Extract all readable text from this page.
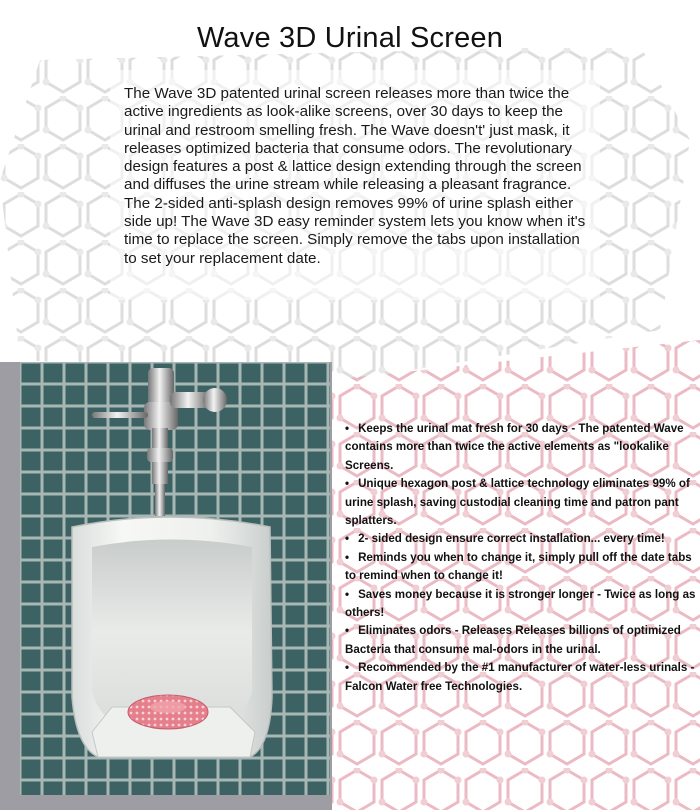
Wave 3D Urinal Screen

The Wave 3D patented urinal screen releases more than twice the active ingredients as look-alike screens, over 30 days to keep the urinal and restroom smelling fresh. The Wave doesn't' just mask, it releases optimized bacteria that consume odors. The revolutionary design features a post & lattice design extending through the screen and diffuses the urine stream while releasing a pleasant fragrance. The 2-sided anti-splash design removes 99% of urine splash either side up! The Wave 3D easy reminder system lets you know when it's time to replace the screen. Simply remove the tabs upon installation to set your replacement date.

• Keeps the urinal mat fresh for 30 days - The patented Wave contains more than twice the active elements as "lookalike Screens.
• Unique hexagon post & lattice technology eliminates 99% of urine splash, saving custodial cleaning time and patron pant splatters.
• 2- sided design ensure correct installation... every time!
• Reminds you when to change it, simply pull off the date tabs to remind when to change it!
• Saves money because it is stronger longer - Twice as long as others!
• Eliminates odors - Releases Releases billions of optimized Bacteria that consume mal-odors in the urinal.
• Recommended by the #1 manufacturer of water-less urinals - Falcon Water free Technologies.
